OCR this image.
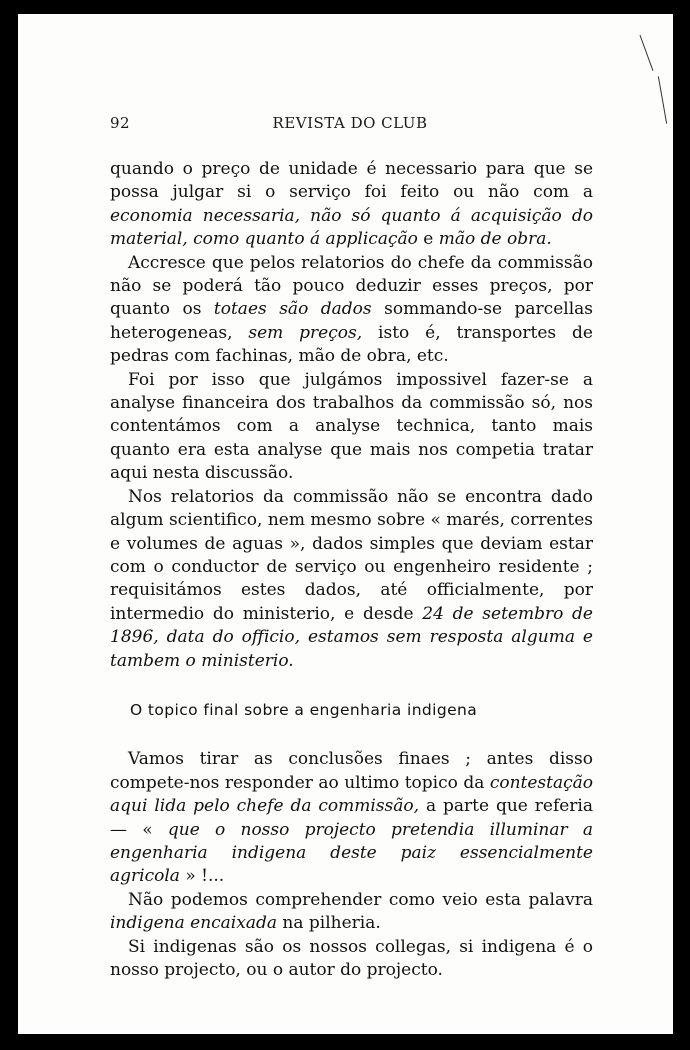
92	REVISTA DO CLUB

quando o preço de unidade é necessario para que se possa julgar si o serviço foi feito ou não com a economia necessaria, não só quanto á acquisição do material, como quanto á applicação e mão de obra.

Accresce que pelos relatorios do chefe da commissão não se poderá tão pouco deduzir esses preços, por quanto os totaes são dados sommando-se parcellas heterogeneas, sem preços, isto é, transportes de pedras com fachinas, mão de obra, etc.

Foi por isso que julgámos impossivel fazer-se a analyse financeira dos trabalhos da commissão só, nos contentámos com a analyse technica, tanto mais quanto era esta analyse que mais nos competia tratar aqui nesta discussão.

Nos relatorios da commissão não se encontra dado algum scientifico, nem mesmo sobre « marés, correntes e volumes de aguas », dados simples que deviam estar com o conductor de serviço ou engenheiro residente ; requisitámos estes dados, até officialmente, por intermedio do ministerio, e desde 24 de setembro de 1896, data do officio, estamos sem resposta alguma e tambem o ministerio.

O topico final sobre a engenharia indigena

Vamos tirar as conclusões finaes ; antes disso compete-nos responder ao ultimo topico da contestação aqui lida pelo chefe da commissão, a parte que referia — « que o nosso projecto pretendia illuminar a engenharia indigena deste paiz essencialmente agricola » !...

Não podemos comprehender como veio esta palavra indigena encaixada na pilheria.

Si indigenas são os nossos collegas, si indigena é o nosso projecto, ou o autor do projecto.
